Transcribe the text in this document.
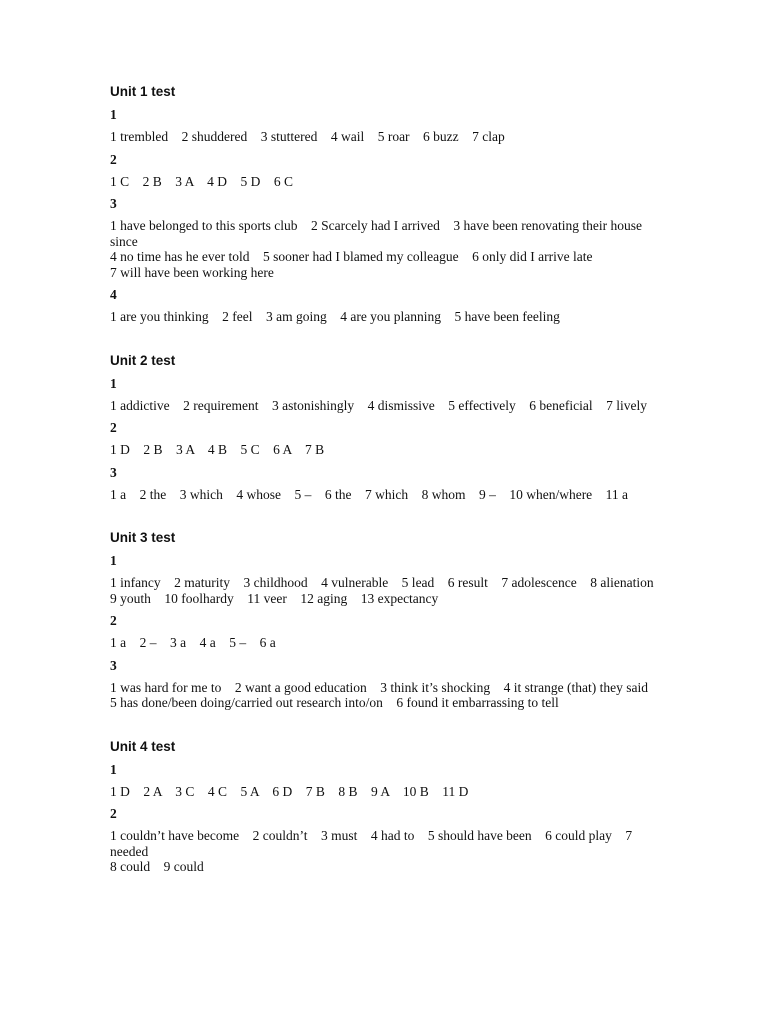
Unit 1 test
1
1 trembled    2 shuddered    3 stuttered    4 wail    5 roar    6 buzz    7 clap
2
1 C    2 B    3 A    4 D    5 D    6 C
3
1 have belonged to this sports club    2 Scarcely had I arrived    3 have been renovating their house since
4 no time has he ever told    5 sooner had I blamed my colleague    6 only did I arrive late
7 will have been working here
4
1 are you thinking    2 feel    3 am going    4 are you planning    5 have been feeling
Unit 2 test
1
1 addictive    2 requirement    3 astonishingly    4 dismissive    5 effectively    6 beneficial    7 lively
2
1 D    2 B    3 A    4 B    5 C    6 A    7 B
3
1 a    2 the    3 which    4 whose    5 –    6 the    7 which    8 whom    9 –    10 when/where    11 a
Unit 3 test
1
1 infancy    2 maturity    3 childhood    4 vulnerable    5 lead    6 result    7 adolescence    8 alienation    9 youth    10 foolhardy    11 veer    12 aging    13 expectancy
2
1 a    2 –    3 a    4 a    5 –    6 a
3
1 was hard for me to    2 want a good education    3 think it’s shocking    4 it strange (that) they said
5 has done/been doing/carried out research into/on    6 found it embarrassing to tell
Unit 4 test
1
1 D    2 A    3 C    4 C    5 A    6 D    7 B    8 B    9 A    10 B    11 D
2
1 couldn’t have become    2 couldn’t    3 must    4 had to    5 should have been    6 could play    7 needed
8 could    9 could
